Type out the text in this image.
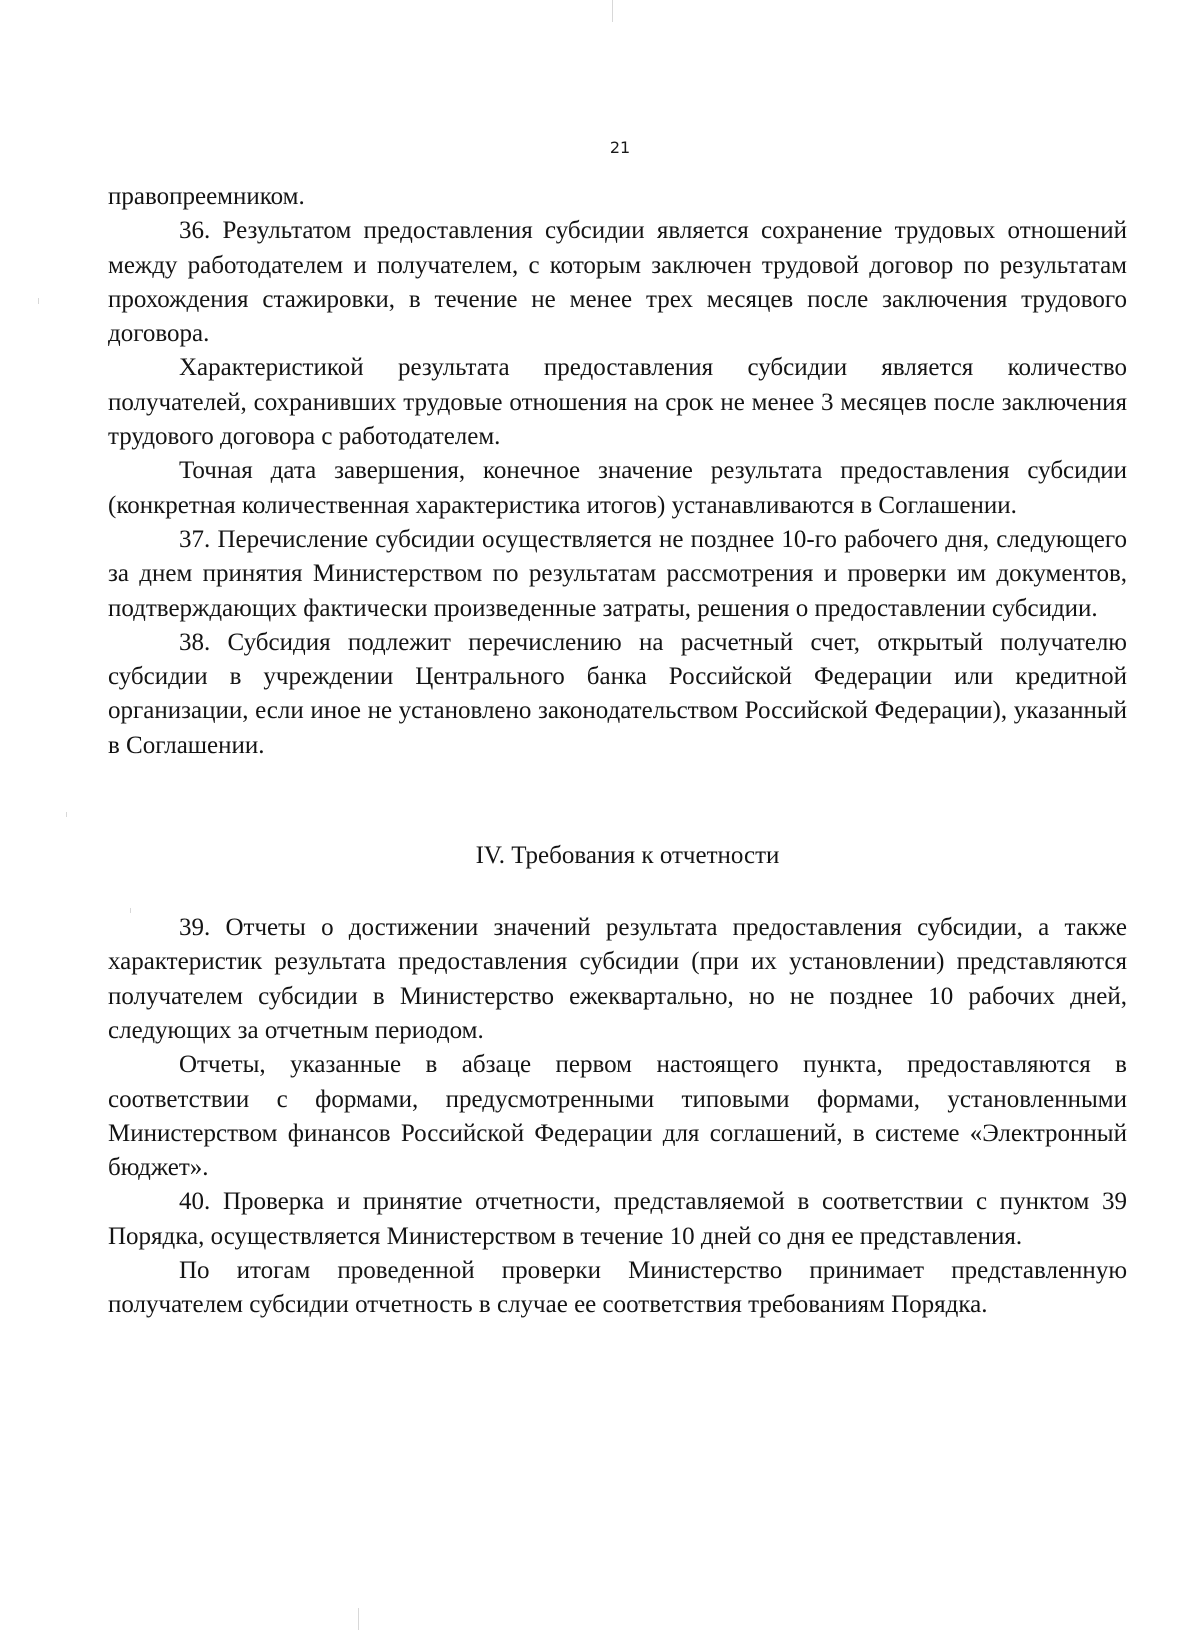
21

правопреемником.

36. Результатом предоставления субсидии является сохранение трудовых отношений между работодателем и получателем, с которым заключен трудовой договор по результатам прохождения стажировки, в течение не менее трех месяцев после заключения трудового договора.

Характеристикой результата предоставления субсидии является количество получателей, сохранивших трудовые отношения на срок не менее 3 месяцев после заключения трудового договора с работодателем.

Точная дата завершения, конечное значение результата предоставления субсидии (конкретная количественная характеристика итогов) устанавливаются в Соглашении.

37. Перечисление субсидии осуществляется не позднее 10-го рабочего дня, следующего за днем принятия Министерством по результатам рассмотрения и проверки им документов, подтверждающих фактически произведенные затраты, решения о предоставлении субсидии.

38. Субсидия подлежит перечислению на расчетный счет, открытый получателю субсидии в учреждении Центрального банка Российской Федерации или кредитной организации, если иное не установлено законодательством Российской Федерации), указанный в Соглашении.

IV. Требования к отчетности

39. Отчеты о достижении значений результата предоставления субсидии, а также характеристик результата предоставления субсидии (при их установлении) представляются получателем субсидии в Министерство ежеквартально, но не позднее 10 рабочих дней, следующих за отчетным периодом.

Отчеты, указанные в абзаце первом настоящего пункта, предоставляются в соответствии с формами, предусмотренными типовыми формами, установленными Министерством финансов Российской Федерации для соглашений, в системе «Электронный бюджет».

40. Проверка и принятие отчетности, представляемой в соответствии с пунктом 39 Порядка, осуществляется Министерством в течение 10 дней со дня ее представления.

По итогам проведенной проверки Министерство принимает представленную получателем субсидии отчетность в случае ее соответствия требованиям Порядка.
